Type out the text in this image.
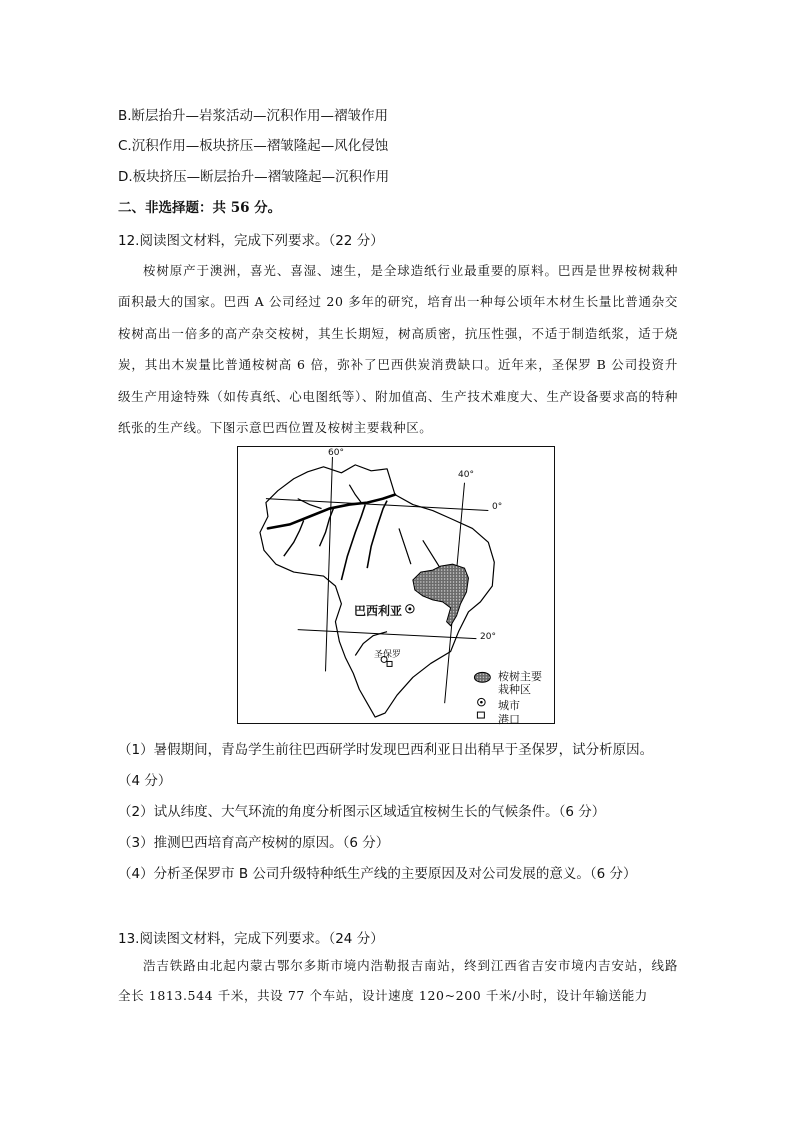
B.断层抬升—岩浆活动—沉积作用—褶皱作用
C.沉积作用—板块挤压—褶皱隆起—风化侵蚀
D.板块挤压—断层抬升—褶皱隆起—沉积作用
二、非选择题：共 56 分。
12.阅读图文材料，完成下列要求。（22 分）

桉树原产于澳洲，喜光、喜湿、速生，是全球造纸行业最重要的原料。巴西是世界桉树栽种面积最大的国家。巴西 A 公司经过 20 多年的研究，培育出一种每公顷年木材生长量比普通杂交桉树高出一倍多的高产杂交桉树，其生长期短，树高质密，抗压性强，不适于制造纸浆，适于烧炭，其出木炭量比普通桉树高 6 倍，弥补了巴西供炭消费缺口。近年来，圣保罗 B 公司投资升级生产用途特殊（如传真纸、心电图纸等）、附加值高、生产技术难度大、生产设备要求高的特种纸张的生产线。下图示意巴西位置及桉树主要栽种区。

60°
40°
0°
20°
巴西利亚
圣保罗
桉树主要
栽种区
城市
港口
（1）暑假期间，青岛学生前往巴西研学时发现巴西利亚日出稍早于圣保罗，试分析原因。
（4 分）
（2）试从纬度、大气环流的角度分析图示区域适宜桉树生长的气候条件。（6 分）
（3）推测巴西培育高产桉树的原因。（6 分）
（4）分析圣保罗市 B 公司升级特种纸生产线的主要原因及对公司发展的意义。（6 分）
13.阅读图文材料，完成下列要求。（24 分）

浩吉铁路由北起内蒙古鄂尔多斯市境内浩勒报吉南站，终到江西省吉安市境内吉安站，线路全长 1813.544 千米，共设 77 个车站，设计速度 120~200 千米/小时，设计年输送能力
